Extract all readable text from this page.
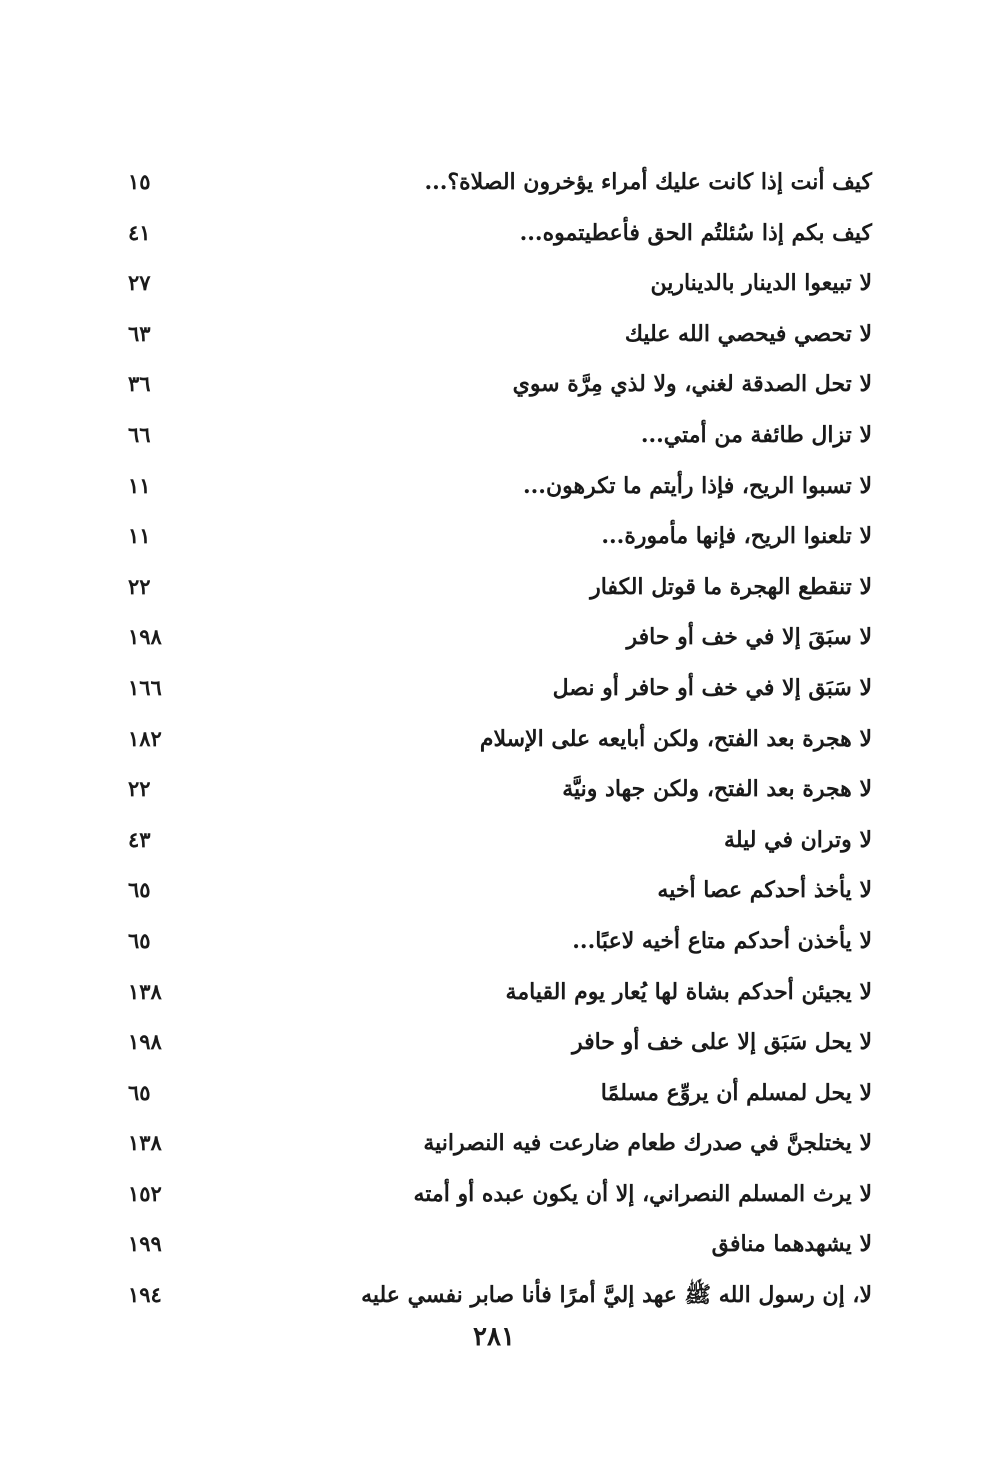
كيف أنت إذا كانت عليك أمراء يؤخرون الصلاة؟...
١٥
كيف بكم إذا سُئلتُم الحق فأعطيتموه...
٤١
لا تبيعوا الدينار بالدينارين
٢٧
لا تحصي فيحصي الله عليك
٦٣
لا تحل الصدقة لغني، ولا لذي مِرَّة سوي
٣٦
لا تزال طائفة من أمتي...
٦٦
لا تسبوا الريح، فإذا رأيتم ما تكرهون...
١١
لا تلعنوا الريح، فإنها مأمورة...
١١
لا تنقطع الهجرة ما قوتل الكفار
٢٢
لا سبَقَ إلا في خف أو حافر
١٩٨
لا سَبَق إلا في خف أو حافر أو نصل
١٦٦
لا هجرة بعد الفتح، ولكن أبايعه على الإسلام
١٨٢
لا هجرة بعد الفتح، ولكن جهاد ونيَّة
٢٢
لا وتران في ليلة
٤٣
لا يأخذ أحدكم عصا أخيه
٦٥
لا يأخذن أحدكم متاع أخيه لاعبًا...
٦٥
لا يجيئن أحدكم بشاة لها يُعار يوم القيامة
١٣٨
لا يحل سَبَق إلا على خف أو حافر
١٩٨
لا يحل لمسلم أن يروِّع مسلمًا
٦٥
لا يختلجنَّ في صدرك طعام ضارعت فيه النصرانية
١٣٨
لا يرث المسلم النصراني، إلا أن يكون عبده أو أمته
١٥٢
لا يشهدهما منافق
١٩٩
لا، إن رسول الله ﷺ عهد إليَّ أمرًا فأنا صابر نفسي عليه
١٩٤
٢٨١
